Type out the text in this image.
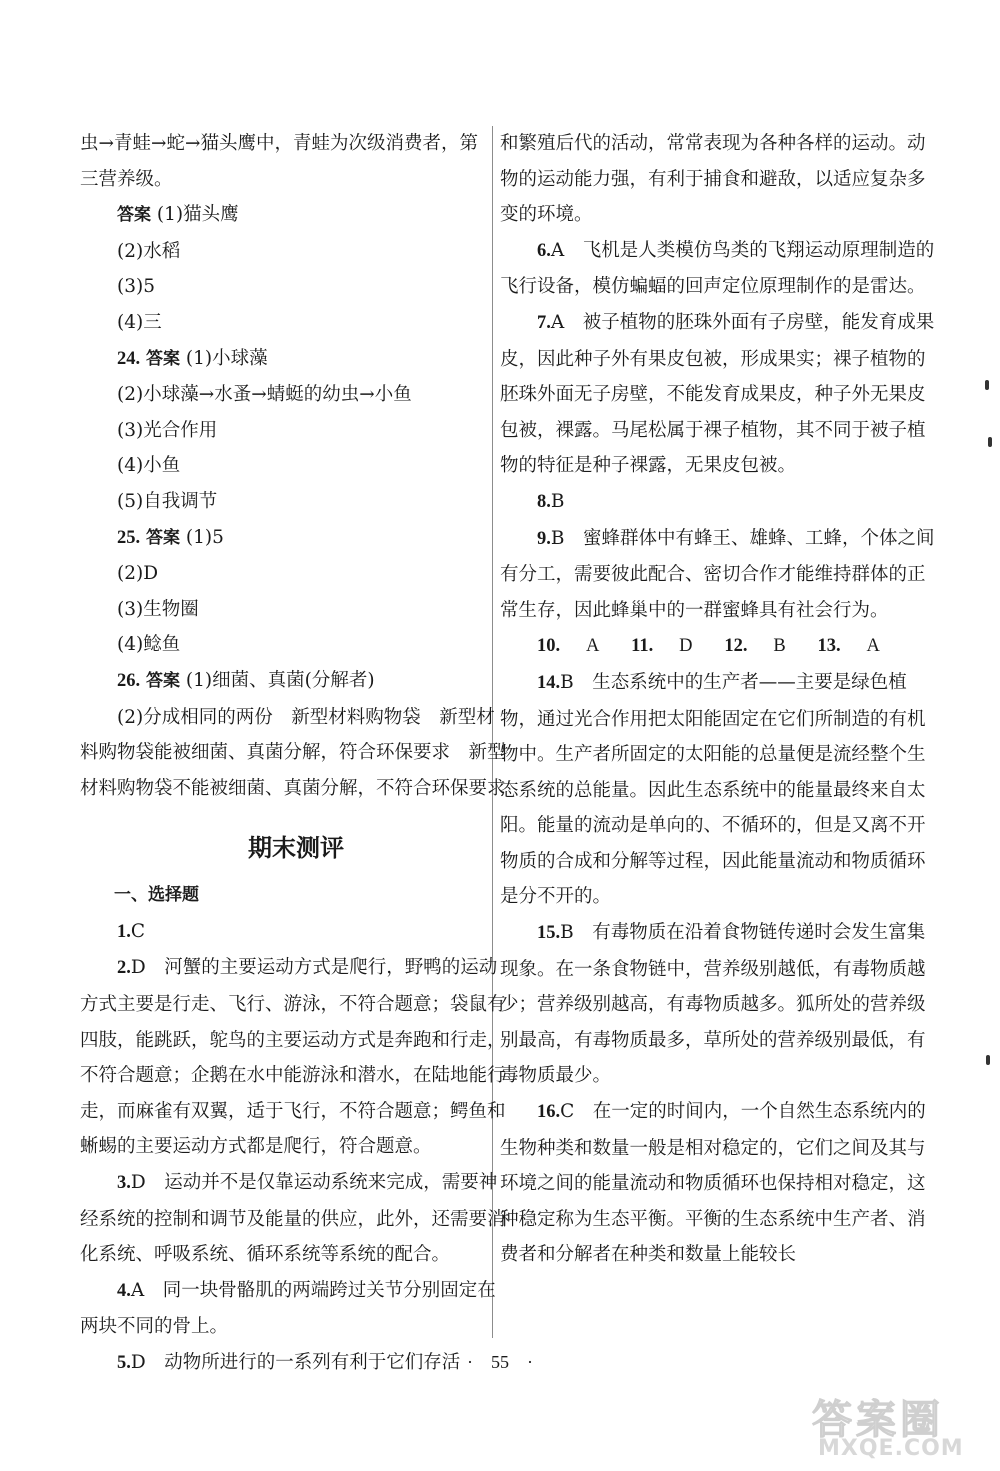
虫→青蛙→蛇→猫头鹰中，青蛙为次级消费者，第

三营养级。

答案 (1)猫头鹰

(2)水稻

(3)5

(4)三

24. 答案 (1)小球藻

(2)小球藻→水蚤→蜻蜓的幼虫→小鱼

(3)光合作用

(4)小鱼

(5)自我调节

25. 答案 (1)5

(2)D

(3)生物圈

(4)鲶鱼

26. 答案 (1)细菌、真菌(分解者)

(2)分成相同的两份　新型材料购物袋　新型材料购物袋能被细菌、真菌分解，符合环保要求　新型材料购物袋不能被细菌、真菌分解，不符合环保要求

期末测评

一、选择题

1.C

2.D　 河蟹的主要运动方式是爬行，野鸭的运动方式主要是行走、飞行、游泳，不符合题意；袋鼠有四肢，能跳跃，鸵鸟的主要运动方式是奔跑和行走，不符合题意；企鹅在水中能游泳和潜水，在陆地能行走，而麻雀有双翼，适于飞行，不符合题意；鳄鱼和蜥蜴的主要运动方式都是爬行，符合题意。

3.D　 运动并不是仅靠运动系统来完成，需要神经系统的控制和调节及能量的供应，此外，还需要消化系统、呼吸系统、循环系统等系统的配合。

4.A　 同一块骨骼肌的两端跨过关节分别固定在两块不同的骨上。

5.D　 动物所进行的一系列有利于它们存活

和繁殖后代的活动，常常表现为各种各样的运动。动物的运动能力强，有利于捕食和避敌，以适应复杂多变的环境。

6.A　 飞机是人类模仿鸟类的飞翔运动原理制造的飞行设备，模仿蝙蝠的回声定位原理制作的是雷达。

7.A　 被子植物的胚珠外面有子房壁，能发育成果皮，因此种子外有果皮包被，形成果实；裸子植物的胚珠外面无子房壁，不能发育成果皮，种子外无果皮包被，裸露。马尾松属于裸子植物，其不同于被子植物的特征是种子裸露，无果皮包被。

8.B

9.B　 蜜蜂群体中有蜂王、雄蜂、工蜂，个体之间有分工，需要彼此配合、密切合作才能维持群体的正常生存，因此蜂巢中的一群蜜蜂具有社会行为。

10. A 11. D 12. B 13. A

14.B　 生态系统中的生产者——主要是绿色植物，通过光合作用把太阳能固定在它们所制造的有机物中。生产者所固定的太阳能的总量便是流经整个生态系统的总能量。因此生态系统中的能量最终来自太阳。能量的流动是单向的、不循环的，但是又离不开物质的合成和分解等过程，因此能量流动和物质循环是分不开的。

15.B　 有毒物质在沿着食物链传递时会发生富集现象。在一条食物链中，营养级别越低，有毒物质越少；营养级别越高，有毒物质越多。狐所处的营养级别最高，有毒物质最多，草所处的营养级别最低，有毒物质最少。

16.C　 在一定的时间内，一个自然生态系统内的生物种类和数量一般是相对稳定的，它们之间及其与环境之间的能量流动和物质循环也保持相对稳定，这种稳定称为生态平衡。平衡的生态系统中生产者、消费者和分解者在种类和数量上能较长

· 55 ·
答案圈
MXQE.COM
